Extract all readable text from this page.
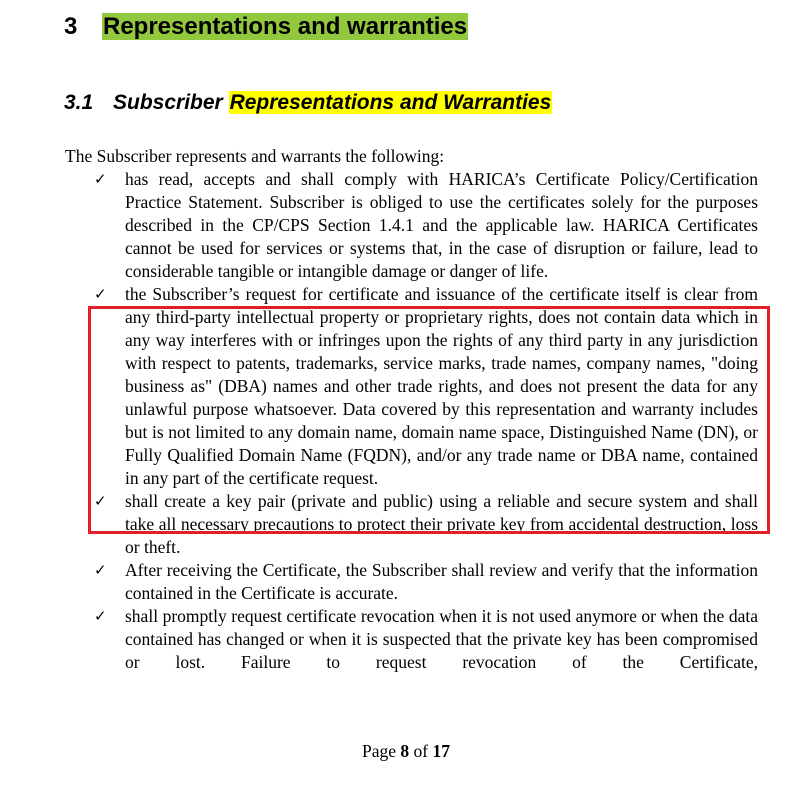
3 Representations and warranties
3.1 Subscriber Representations and Warranties
The Subscriber represents and warrants the following:
✓ has read, accepts and shall comply with HARICA’s Certificate Policy/Certification Practice Statement. Subscriber is obliged to use the certificates solely for the purposes described in the CP/CPS Section 1.4.1 and the applicable law. HARICA Certificates cannot be used for services or systems that, in the case of disruption or failure, lead to considerable tangible or intangible damage or danger of life.
✓ the Subscriber’s request for certificate and issuance of the certificate itself is clear from any third-party intellectual property or proprietary rights, does not contain data which in any way interferes with or infringes upon the rights of any third party in any jurisdiction with respect to patents, trademarks, service marks, trade names, company names, "doing business as" (DBA) names and other trade rights, and does not present the data for any unlawful purpose whatsoever. Data covered by this representation and warranty includes but is not limited to any domain name, domain name space, Distinguished Name (DN), or Fully Qualified Domain Name (FQDN), and/or any trade name or DBA name, contained in any part of the certificate request.
✓ shall create a key pair (private and public) using a reliable and secure system and shall take all necessary precautions to protect their private key from accidental destruction, loss or theft.
✓ After receiving the Certificate, the Subscriber shall review and verify that the information contained in the Certificate is accurate.
✓ shall promptly request certificate revocation when it is not used anymore or when the data contained has changed or when it is suspected that the private key has been compromised or lost. Failure to request revocation of the Certificate,
Page 8 of 17
